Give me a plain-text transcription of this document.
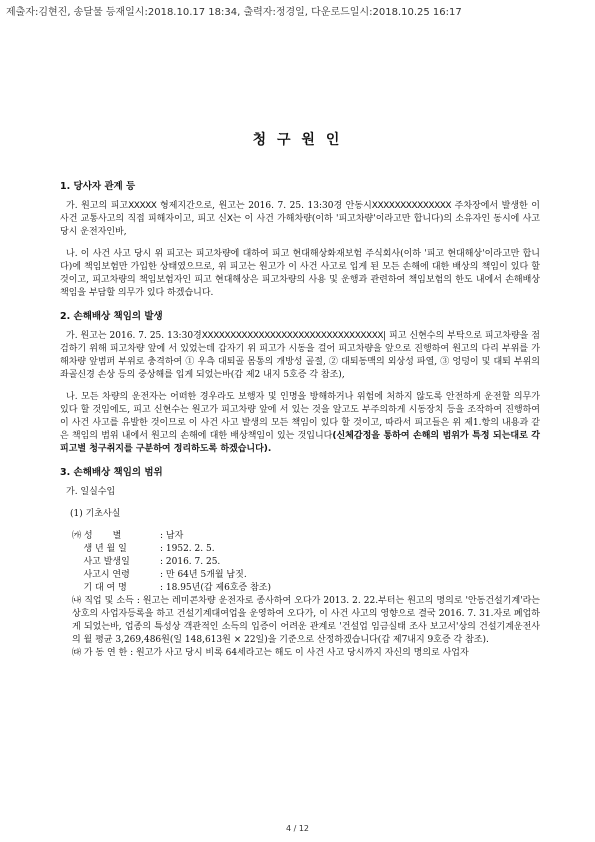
제출자:김현진, 송달물 등재일시:2018.10.17 18:34, 출력자:정경일, 다운로드일시:2018.10.25 16:17
청 구 원 인
1. 당사자 관계 등

가. 원고의 피고XXXXX 형제지간으로, 원고는 2016. 7. 25. 13:30경 안동시XXXXXXXXXXXXXX 주차장에서 발생한 이 사건 교통사고의 직접 피해자이고, 피고 신X는 이 사건 가해차량(이하 '피고차량'이라고만 합니다)의 소유자인 동시에 사고 당시 운전자인바,

나. 이 사건 사고 당시 위 피고는 피고차량에 대하여 피고 현대해상화재보험 주식회사(이하 '피고 현대해상'이라고만 합니다)에 책임보험만 가입한 상태였으므로, 위 피고는 원고가 이 사건 사고로 입게 된 모든 손해에 대한 배상의 책임이 있다 할 것이고, 피고차량의 책임보험자인 피고 현대해상은 피고차량의 사용 및 운행과 관련하여 책임보험의 한도 내에서 손해배상책임을 부담할 의무가 있다 하겠습니다.

2. 손해배상 책임의 발생

가. 원고는 2016. 7. 25. 13:30경XXXXXXXXXXXXXXXXXXXXXXXXXXXXXXXX| 피고 신현수의 부탁으로 피고차량을 점검하기 위해 피고차량 앞에 서 있었는데 갑자기 위 피고가 시동을 걸어 피고차량을 앞으로 진행하여 원고의 다리 부위를 가해차량 앞범퍼 부위로 충격하여 ① 우측 대퇴골 몸통의 개방성 골절, ② 대퇴동맥의 외상성 파열, ③ 엉덩이 및 대퇴 부위의 좌골신경 손상 등의 중상해를 입게 되었는바(갑 제2 내지 5호증 각 참조),

나. 모든 차량의 운전자는 어떠한 경우라도 보행자 및 인명을 방해하거나 위험에 처하지 않도록 안전하게 운전할 의무가 있다 할 것임에도, 피고 신현수는 원고가 피고차량 앞에 서 있는 것을 알고도 부주의하게 시동장치 등을 조작하여 진행하여 이 사건 사고를 유발한 것이므로 이 사건 사고 발생의 모든 책임이 있다 할 것이고, 따라서 피고들은 위 제1.항의 내용과 같은 책임의 범위 내에서 원고의 손해에 대한 배상책임이 있는 것입니다(신체감정을 통하여 손해의 범위가 특정 되는대로 각 피고별 청구취지를 구분하여 정리하도록 하겠습니다).

3. 손해배상 책임의 범위
가. 일실수입
(1) 기초사실
㈎ 성       별	: 남자
생 년 월 일	: 1952. 2. 5.
사고 발생일	: 2016. 7. 25.
사고시 연령	: 만 64년 5개월 남짓.
기 대 여 명	: 18.95년(갑 제6호증 참조)

㈏ 직업 및 소득 : 원고는 레미콘차량 운전자로 종사하여 오다가 2013. 2. 22.부터는 원고의 명의로 '안동건설기계'라는 상호의 사업자등록을 하고 건설기계대여업을 운영하여 오다가, 이 사건 사고의 영향으로 결국 2016. 7. 31.자로 폐업하게 되었는바, 업종의 특성상 객관적인 소득의 입증이 어려운 관계로 '건설업 임금실태 조사 보고서'상의 건설기계운전사의 월 평균 3,269,486원(일 148,613원 × 22일)을 기준으로 산정하겠습니다(갑 제7내지 9호증 각 참조).

㈐ 가 동 연 한 : 원고가 사고 당시 비록 64세라고는 해도 이 사건 사고 당시까지 자신의 명의로 사업자

4 / 12
